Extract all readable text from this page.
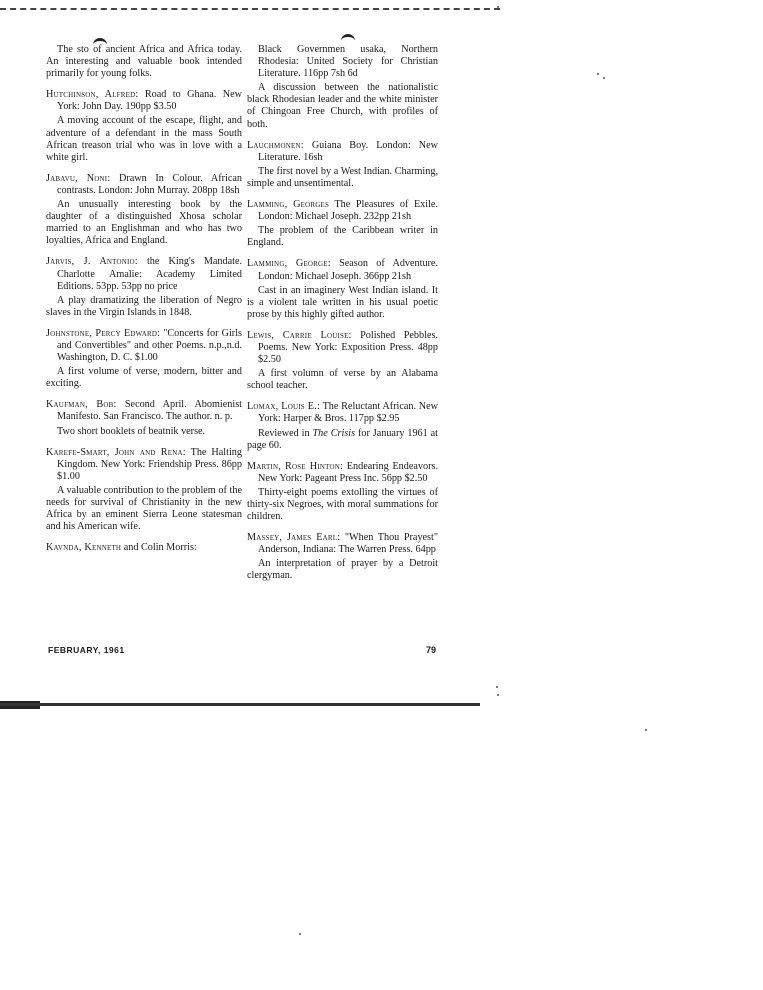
The sto of ancient Africa and Africa today. An interesting and valuable book intended primarily for young folks.
Hutchinson, Alfred: Road to Ghana. New York: John Day. 190pp $3.50
A moving account of the escape, flight, and adventure of a defendant in the mass South African treason trial who was in love with a white girl.
Jabavu, Noni: Drawn In Colour. African contrasts. London: John Murray. 208pp 18sh
An unusually interesting book by the daughter of a distinguished Xhosa scholar married to an Englishman and who has two loyalties, Africa and England.
Jarvis, J. Antonio: the King's Mandate. Charlotte Amalie: Academy Limited Editions. 53pp. 53pp no price
A play dramatizing the liberation of Negro slaves in the Virgin Islands in 1848.
Johnstone, Percy Edward: "Concerts for Girls and Convertibles" and other Poems. n.p.,n.d. Washington, D. C. $1.00
A first volume of verse, modern, bitter and exciting.
Kaufman, Bob: Second April. Abomienist Manifesto. San Francisco. The author. n. p.
Two short booklets of beatnik verse.
Karefe-Smart, John and Rena: The Halting Kingdom. New York: Friendship Press. 86pp $1.00
A valuable contribution to the problem of the needs for survival of Christianity in the new Africa by an eminent Sierra Leone statesman and his American wife.
Kavnda, Kenneth and Colin Morris:
Black Governmen usaka, Northern Rhodesia: United Society for Christian Literature. 116pp 7sh 6d
A discussion between the nationalistic black Rhodesian leader and the white minister of Chingoan Free Church, with profiles of both.
Lauchmonen: Guiana Boy. London: New Literature. 16sh
The first novel by a West Indian. Charming, simple and unsentimental.
Lamming, Georges The Pleasures of Exile. London: Michael Joseph. 232pp 21sh
The problem of the Caribbean writer in England.
Lamming, George: Season of Adventure. London: Michael Joseph. 366pp 21sh
Cast in an imaginery West Indian island. It is a violent tale written in his usual poetic prose by this highly gifted author.
Lewis, Carrie Louise: Polished Pebbles. Poems. New York: Exposition Press. 48pp $2.50
A first volumn of verse by an Alabama school teacher.
Lomax, Louis E.: The Reluctant African. New York: Harper & Bros. 117pp $2.95
Reviewed in The Crisis for January 1961 at page 60.
Martin, Rose Hinton: Endearing Endeavors. New York: Pageant Press Inc. 56pp $2.50
Thirty-eight poems extolling the virtues of thirty-six Negroes, with moral summations for children.
Massey, James Earl: "When Thou Prayest" Anderson, Indiana: The Warren Press. 64pp
An interpretation of prayer by a Detroit clergyman.
FEBRUARY, 1961	79
